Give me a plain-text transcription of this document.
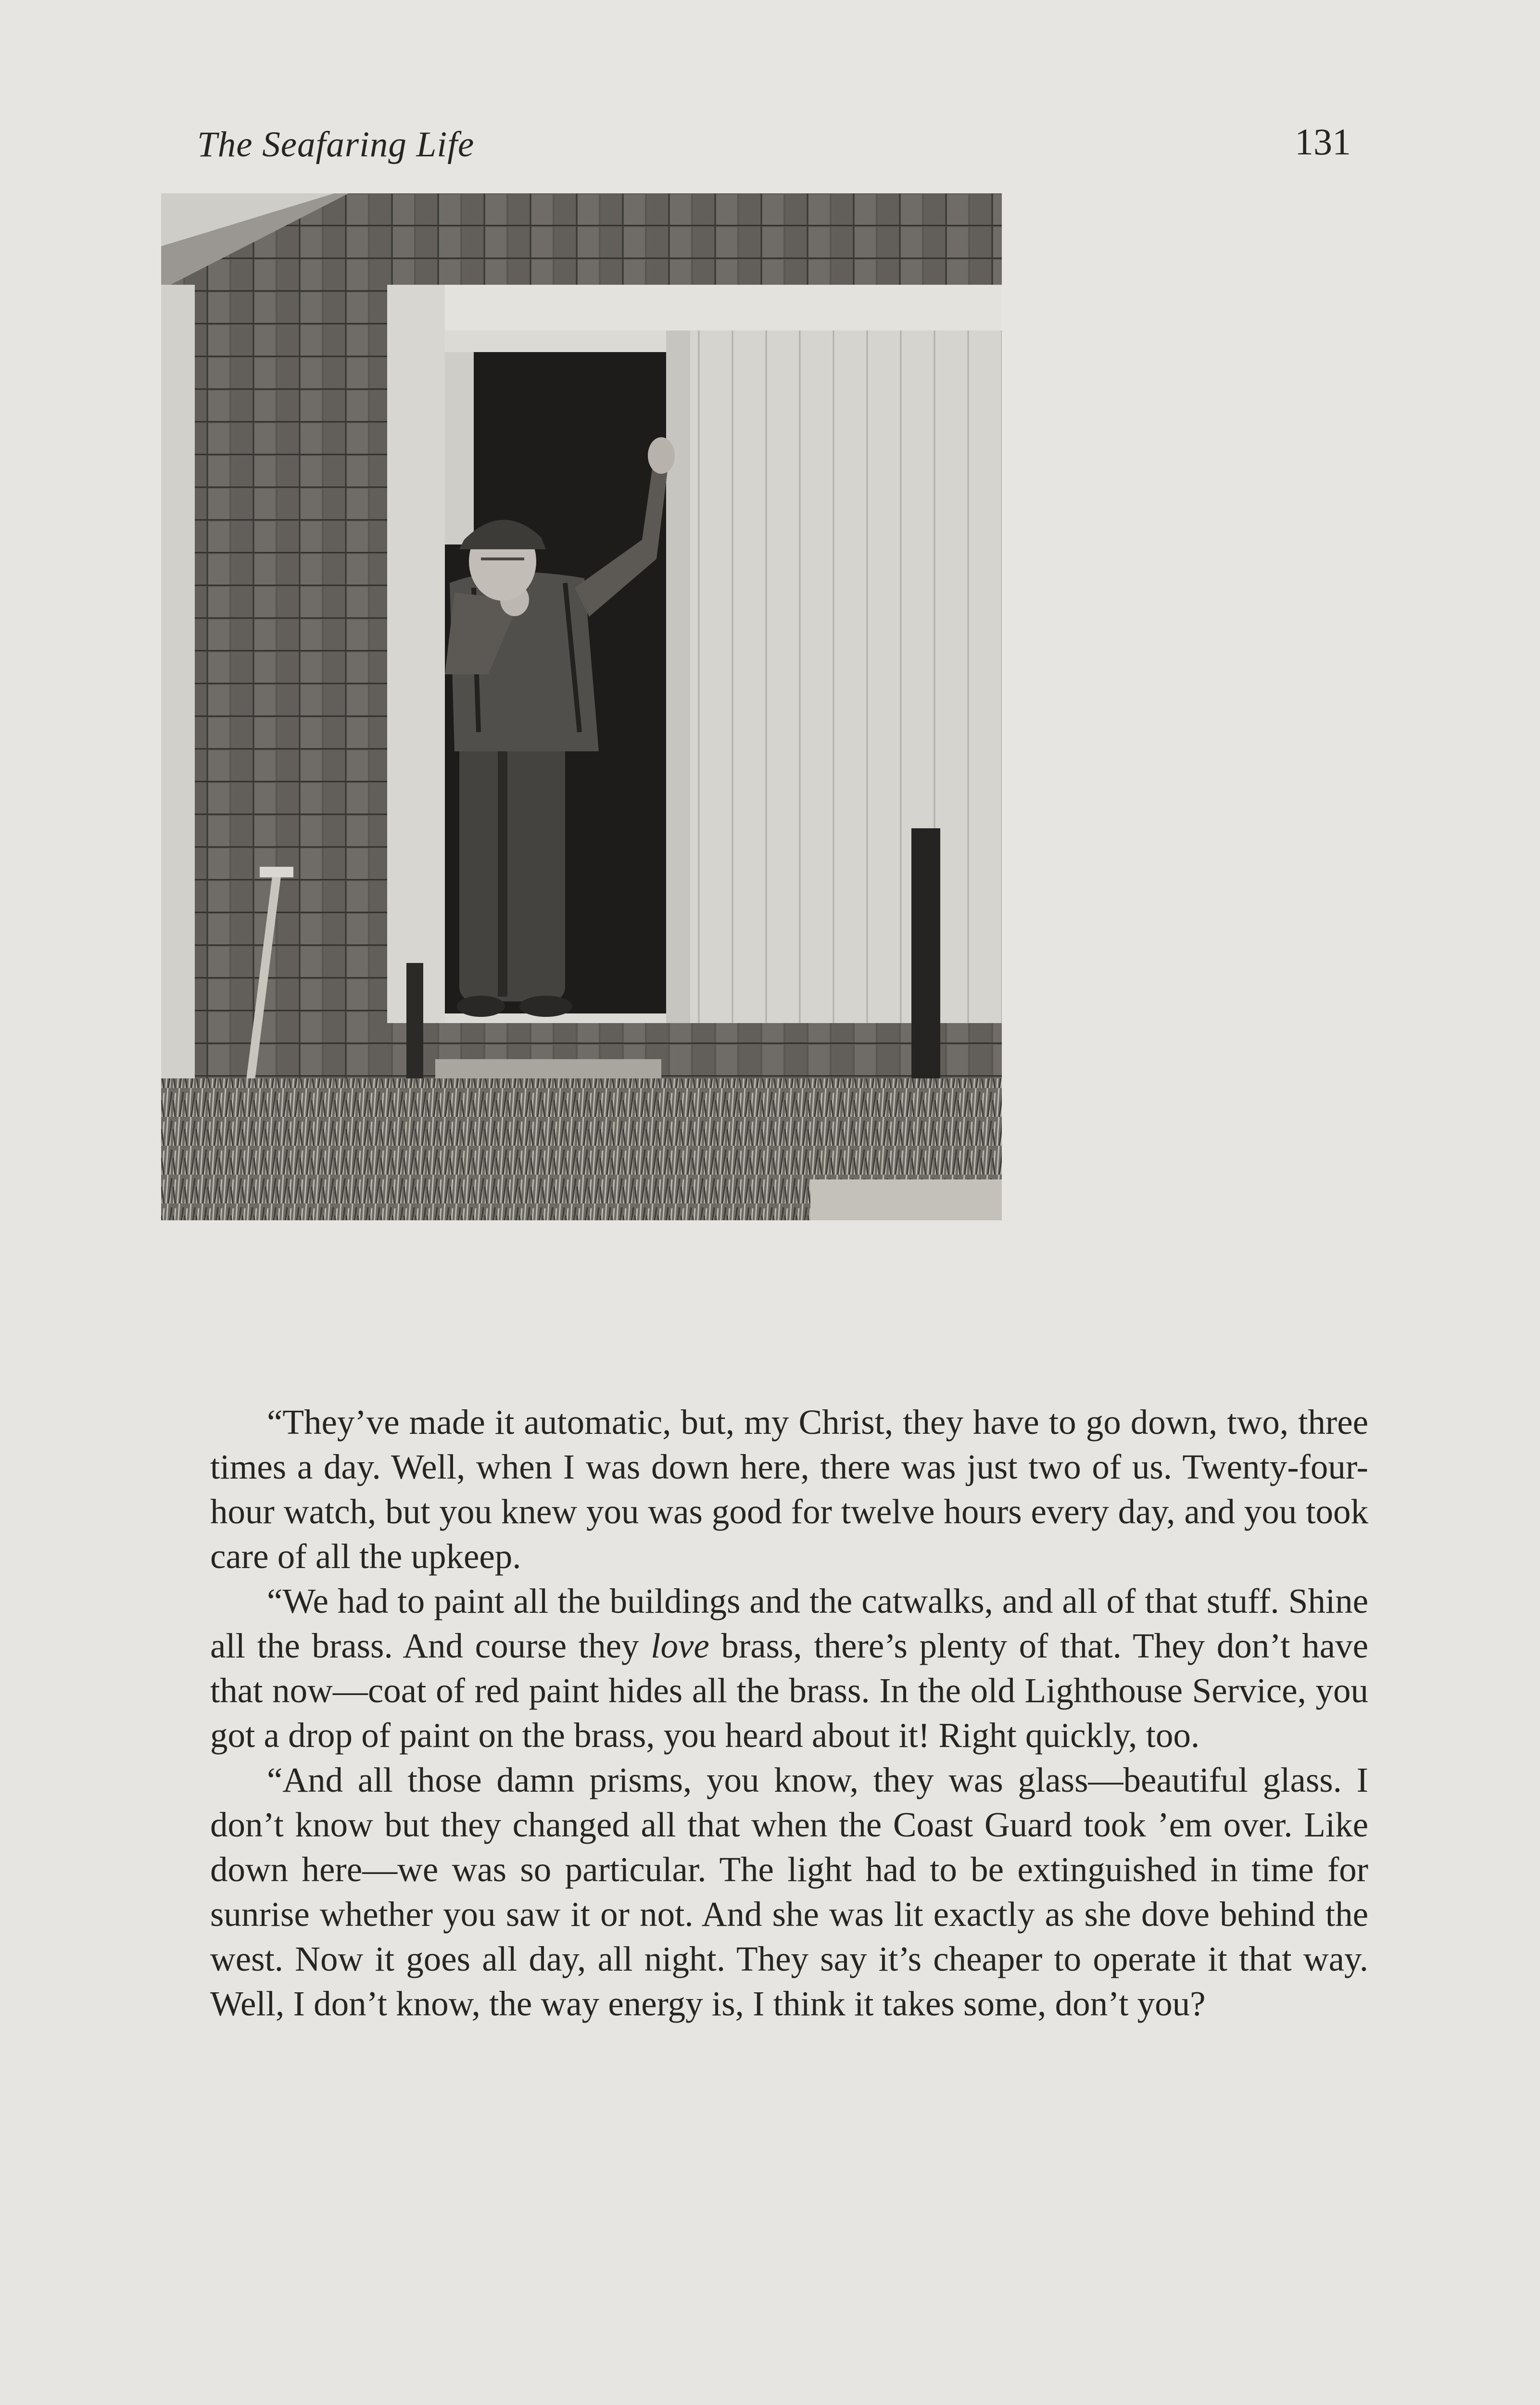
The Seafaring Life	131

“They’ve made it automatic, but, my Christ, they have to go down, two, three times a day. Well, when I was down here, there was just two of us. Twenty-four-hour watch, but you knew you was good for twelve hours every day, and you took care of all the upkeep.

“We had to paint all the buildings and the catwalks, and all of that stuff. Shine all the brass. And course they love brass, there’s plenty of that. They don’t have that now—coat of red paint hides all the brass. In the old Lighthouse Service, you got a drop of paint on the brass, you heard about it! Right quickly, too.

“And all those damn prisms, you know, they was glass—beautiful glass. I don’t know but they changed all that when the Coast Guard took ’em over. Like down here—we was so particular. The light had to be extinguished in time for sunrise whether you saw it or not. And she was lit exactly as she dove behind the west. Now it goes all day, all night. They say it’s cheaper to operate it that way. Well, I don’t know, the way energy is, I think it takes some, don’t you?
